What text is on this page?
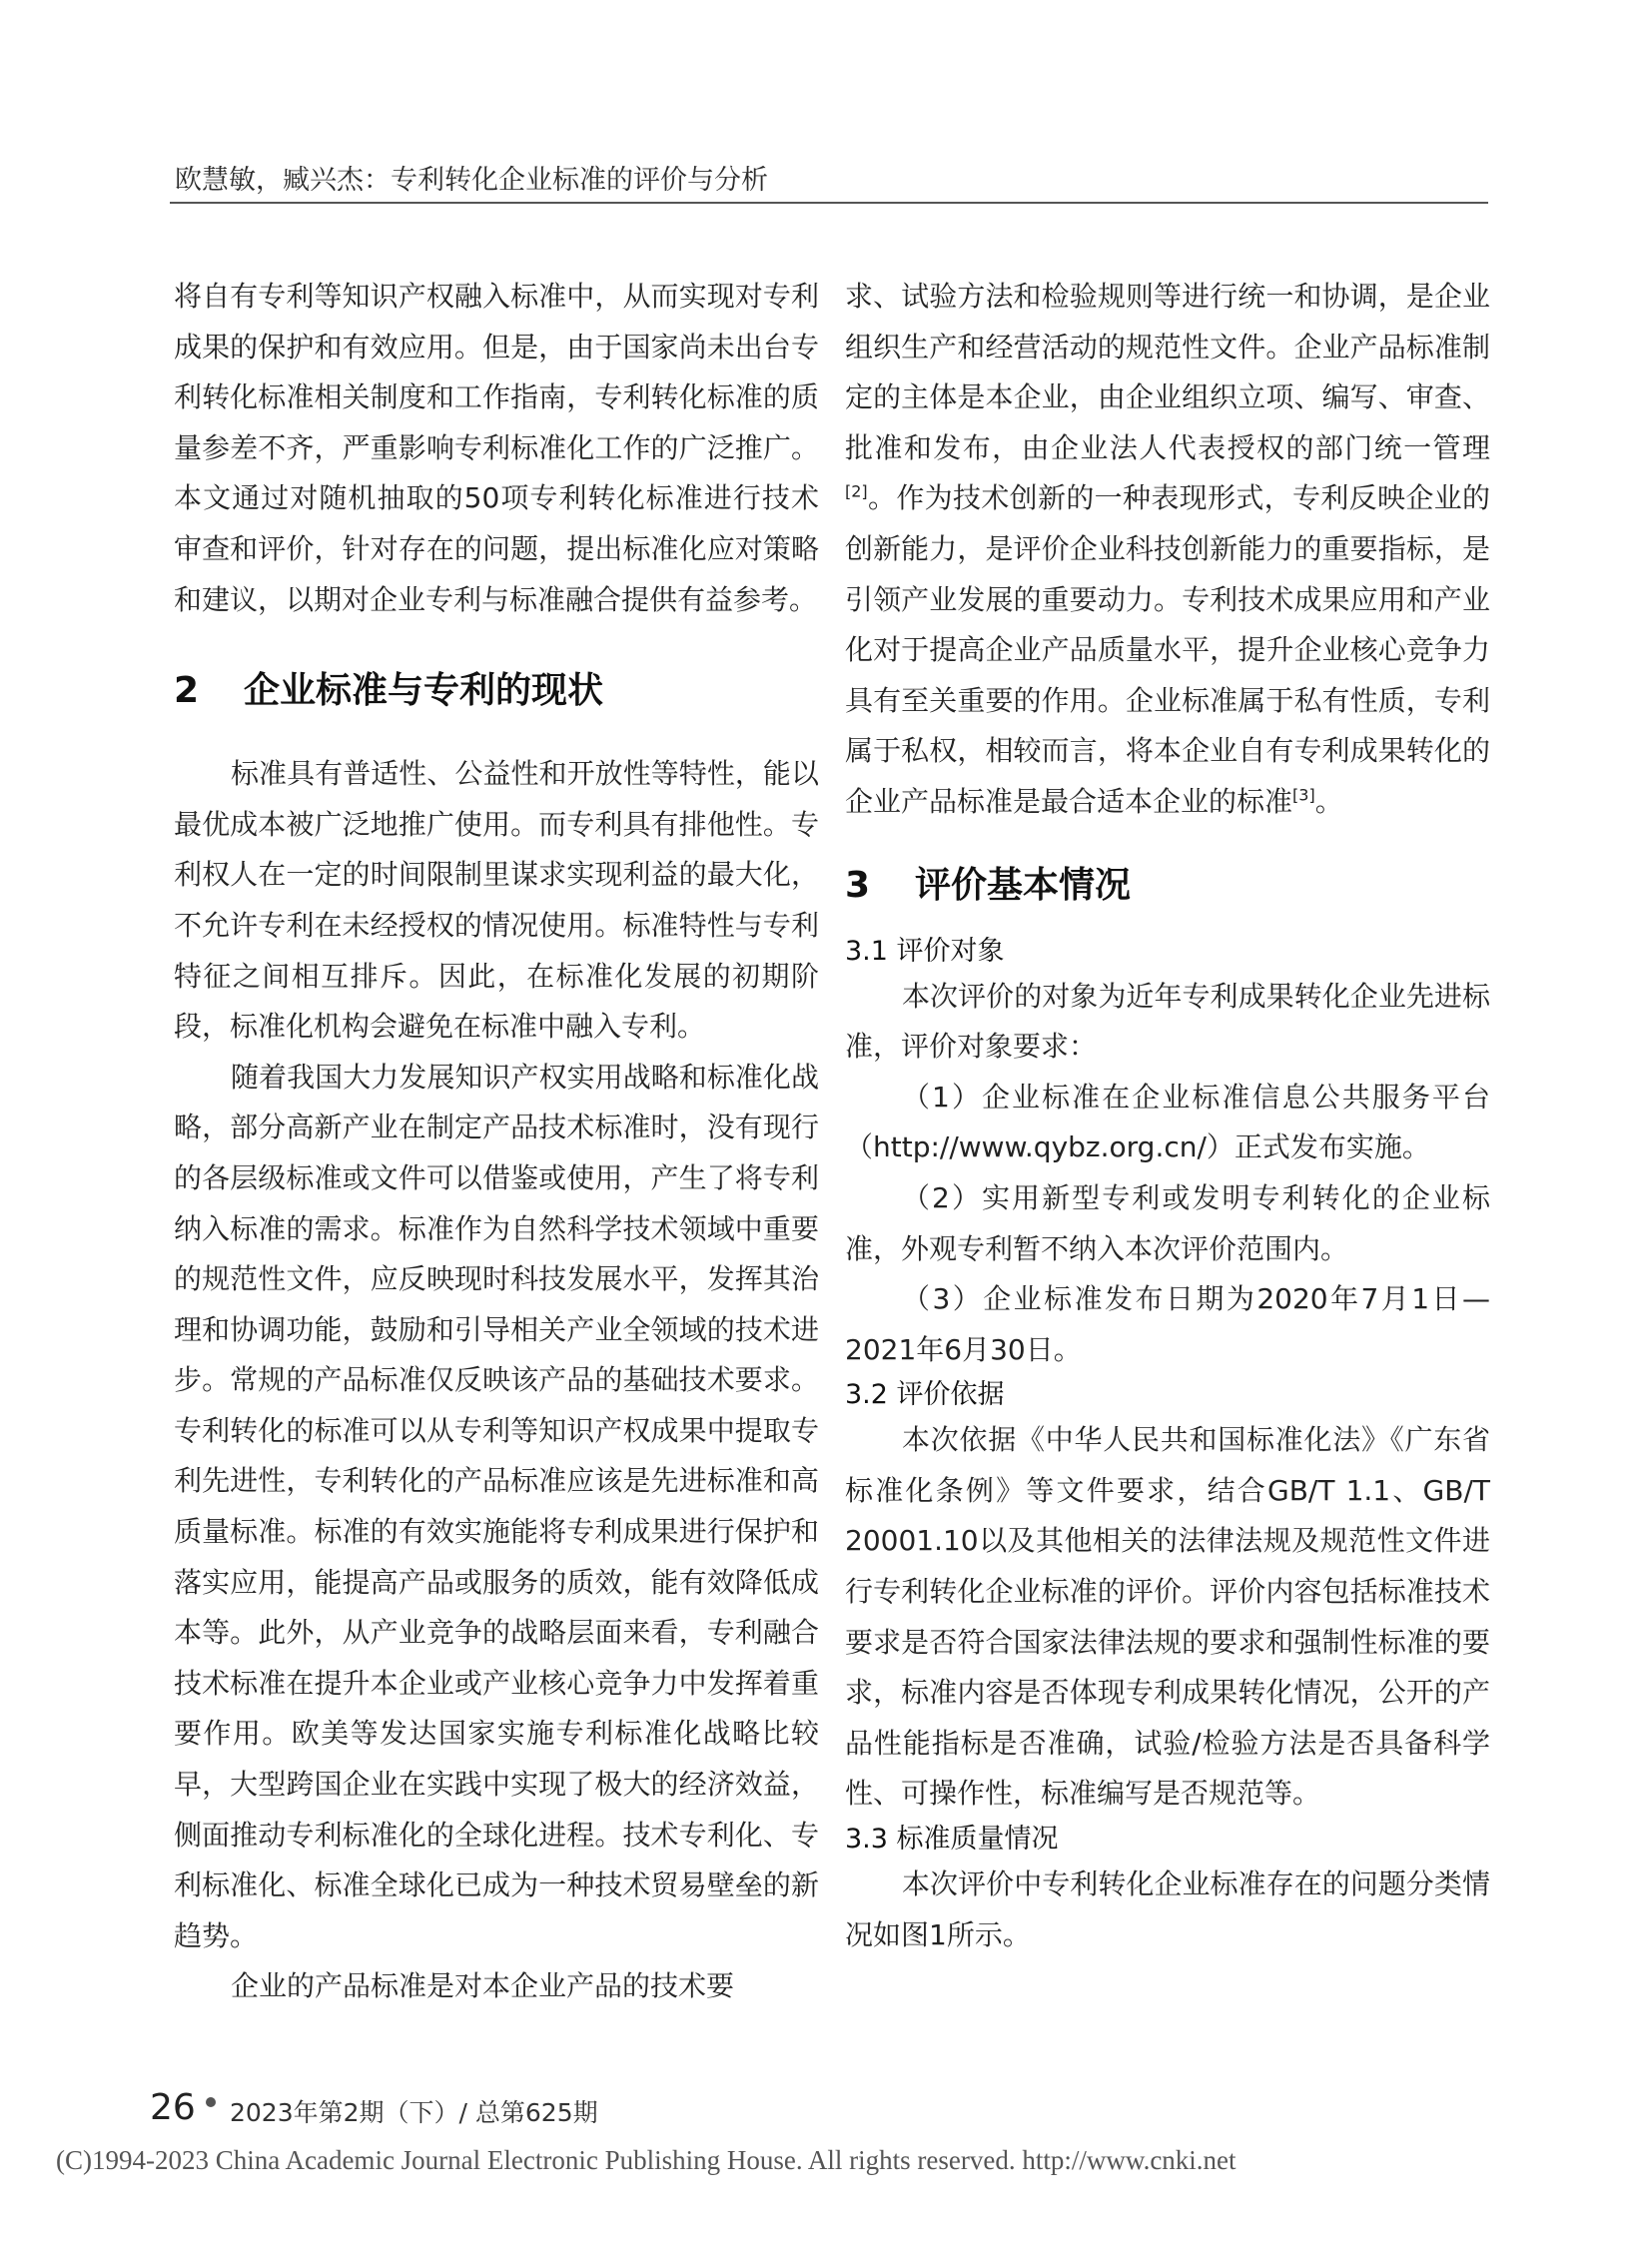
欧慧敏，臧兴杰：专利转化企业标准的评价与分析

将自有专利等知识产权融入标准中，从而实现对专利成果的保护和有效应用。但是，由于国家尚未出台专利转化标准相关制度和工作指南，专利转化标准的质量参差不齐，严重影响专利标准化工作的广泛推广。本文通过对随机抽取的50项专利转化标准进行技术审查和评价，针对存在的问题，提出标准化应对策略和建议，以期对企业专利与标准融合提供有益参考。

2 企业标准与专利的现状

标准具有普适性、公益性和开放性等特性，能以最优成本被广泛地推广使用。而专利具有排他性。专利权人在一定的时间限制里谋求实现利益的最大化，不允许专利在未经授权的情况使用。标准特性与专利特征之间相互排斥。因此，在标准化发展的初期阶段，标准化机构会避免在标准中融入专利。

随着我国大力发展知识产权实用战略和标准化战略，部分高新产业在制定产品技术标准时，没有现行的各层级标准或文件可以借鉴或使用，产生了将专利纳入标准的需求。标准作为自然科学技术领域中重要的规范性文件，应反映现时科技发展水平，发挥其治理和协调功能，鼓励和引导相关产业全领域的技术进步。常规的产品标准仅反映该产品的基础技术要求。专利转化的标准可以从专利等知识产权成果中提取专利先进性，专利转化的产品标准应该是先进标准和高质量标准。标准的有效实施能将专利成果进行保护和落实应用，能提高产品或服务的质效，能有效降低成本等。此外，从产业竞争的战略层面来看，专利融合技术标准在提升本企业或产业核心竞争力中发挥着重要作用。欧美等发达国家实施专利标准化战略比较早，大型跨国企业在实践中实现了极大的经济效益，侧面推动专利标准化的全球化进程。技术专利化、专利标准化、标准全球化已成为一种技术贸易壁垒的新趋势。

企业的产品标准是对本企业产品的技术要

求、试验方法和检验规则等进行统一和协调，是企业组织生产和经营活动的规范性文件。企业产品标准制定的主体是本企业，由企业组织立项、编写、审查、批准和发布，由企业法人代表授权的部门统一管理[2]。作为技术创新的一种表现形式，专利反映企业的创新能力，是评价企业科技创新能力的重要指标，是引领产业发展的重要动力。专利技术成果应用和产业化对于提高企业产品质量水平，提升企业核心竞争力具有至关重要的作用。企业标准属于私有性质，专利属于私权，相较而言，将本企业自有专利成果转化的企业产品标准是最合适本企业的标准[3]。

3 评价基本情况

3.1 评价对象

本次评价的对象为近年专利成果转化企业先进标准，评价对象要求：

（1）企业标准在企业标准信息公共服务平台（http://www.qybz.org.cn/）正式发布实施。

（2）实用新型专利或发明专利转化的企业标准，外观专利暂不纳入本次评价范围内。

（3）企业标准发布日期为2020年7月1日—2021年6月30日。

3.2 评价依据

本次依据《中华人民共和国标准化法》《广东省标准化条例》等文件要求，结合GB/T 1.1、GB/T 20001.10以及其他相关的法律法规及规范性文件进行专利转化企业标准的评价。评价内容包括标准技术要求是否符合国家法律法规的要求和强制性标准的要求，标准内容是否体现专利成果转化情况，公开的产品性能指标是否准确，试验/检验方法是否具备科学性、可操作性，标准编写是否规范等。

3.3 标准质量情况

本次评价中专利转化企业标准存在的问题分类情况如图1所示。

26 2023年第2期（下）/ 总第625期
(C)1994-2023 China Academic Journal Electronic Publishing House. All rights reserved. http://www.cnki.net
